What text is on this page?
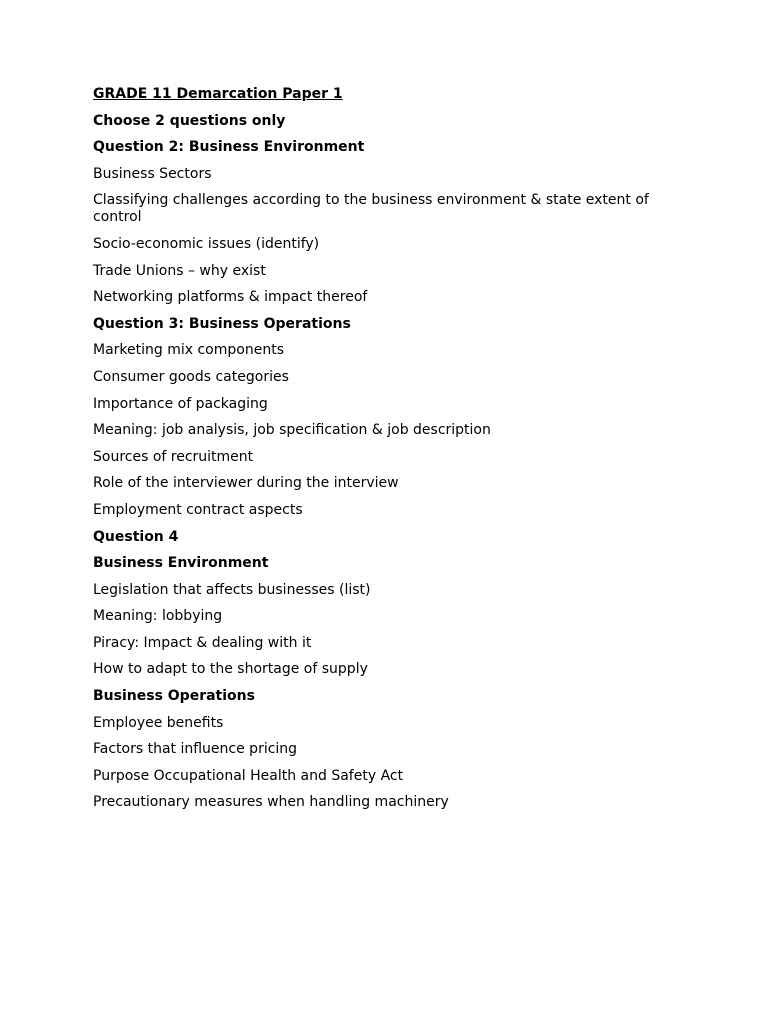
GRADE 11 Demarcation Paper 1
Choose 2 questions only
Question 2: Business Environment
Business Sectors
Classifying challenges according to the business environment & state extent of control
Socio-economic issues (identify)
Trade Unions – why exist
Networking platforms & impact thereof
Question 3: Business Operations
Marketing mix components
Consumer goods categories
Importance of packaging
Meaning: job analysis, job specification & job description
Sources of recruitment
Role of the interviewer during the interview
Employment contract aspects
Question 4
Business Environment
Legislation that affects businesses (list)
Meaning: lobbying
Piracy: Impact & dealing with it
How to adapt to the shortage of supply
Business Operations
Employee benefits
Factors that influence pricing
Purpose Occupational Health and Safety Act
Precautionary measures when handling machinery
